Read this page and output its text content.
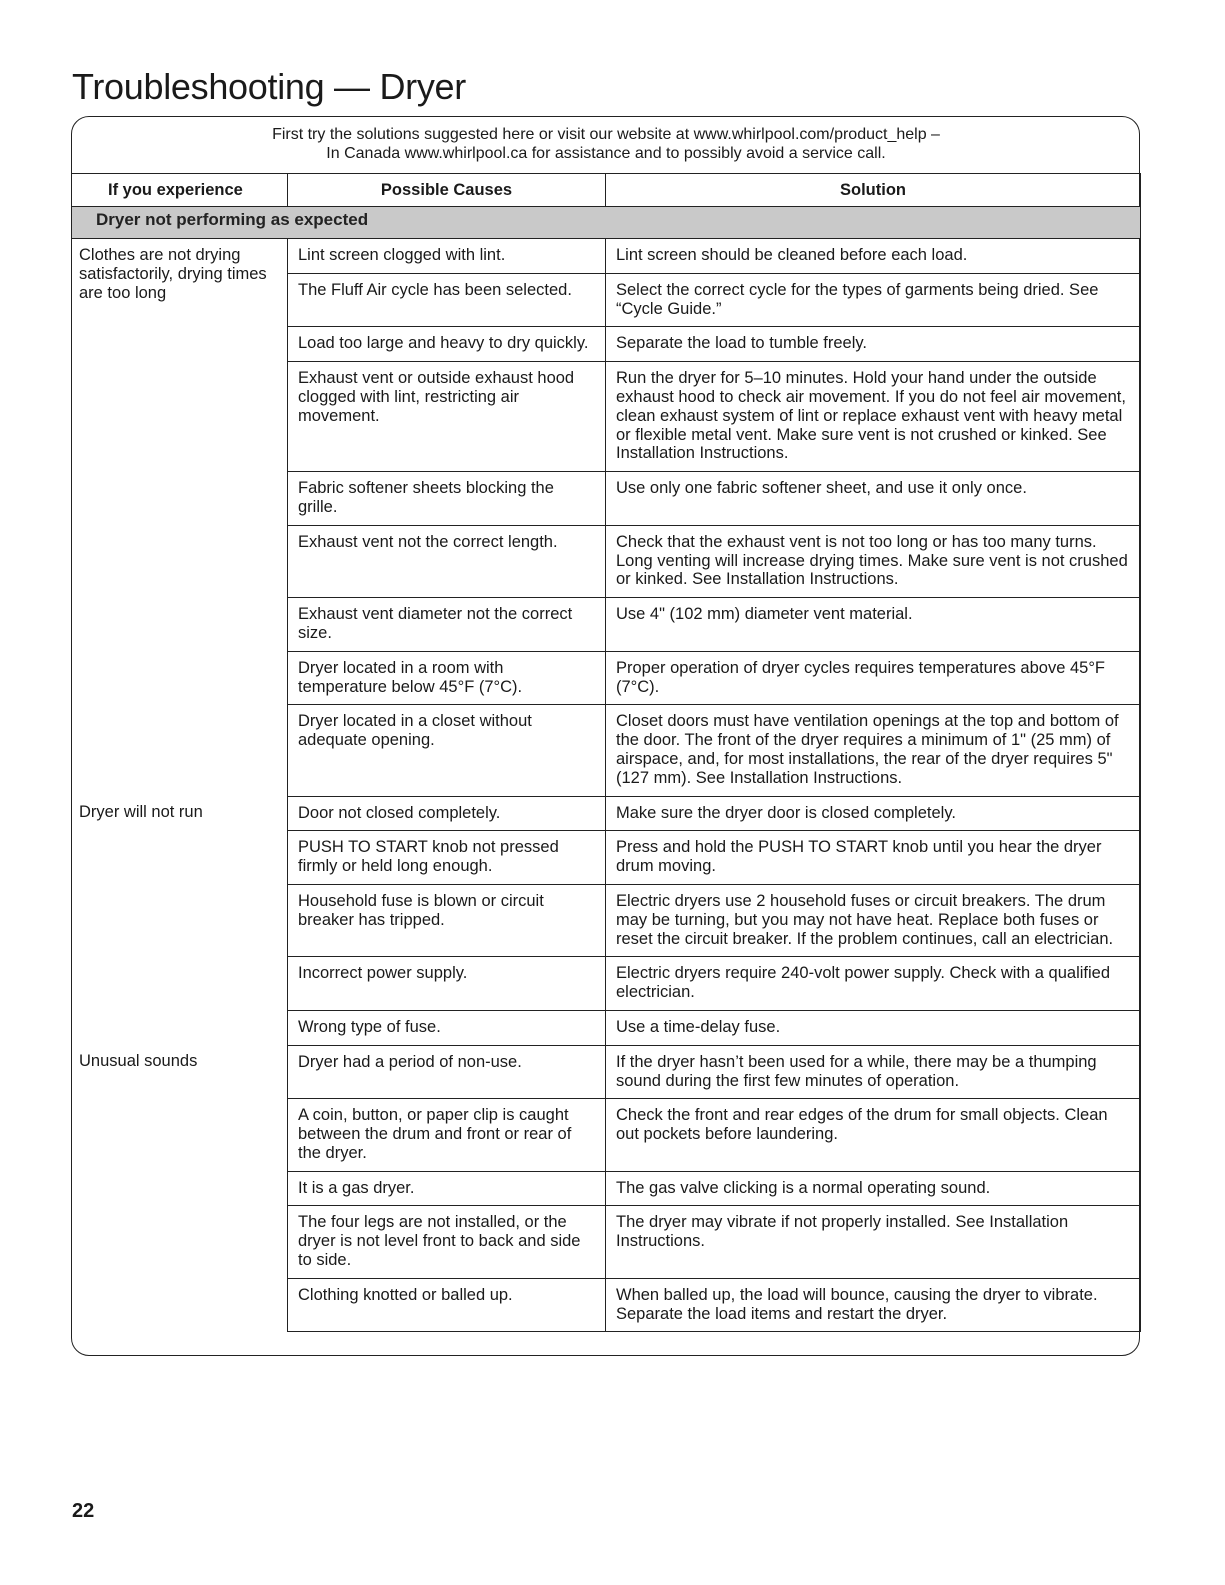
Troubleshooting — Dryer
First try the solutions suggested here or visit our website at www.whirlpool.com/product_help –
In Canada www.whirlpool.ca for assistance and to possibly avoid a service call.
If you experience	Possible Causes	Solution
Dryer not performing as expected		
Clothes are not drying satisfactorily, drying times are too long	Lint screen clogged with lint.	Lint screen should be cleaned before each load.
	The Fluff Air cycle has been selected.	Select the correct cycle for the types of garments being dried. See “Cycle Guide.”
	Load too large and heavy to dry quickly.	Separate the load to tumble freely.
	Exhaust vent or outside exhaust hood clogged with lint, restricting air movement.	Run the dryer for 5–10 minutes. Hold your hand under the outside exhaust hood to check air movement. If you do not feel air movement, clean exhaust system of lint or replace exhaust vent with heavy metal or flexible metal vent. Make sure vent is not crushed or kinked. See Installation Instructions.
	Fabric softener sheets blocking the grille.	Use only one fabric softener sheet, and use it only once.
	Exhaust vent not the correct length.	Check that the exhaust vent is not too long or has too many turns. Long venting will increase drying times. Make sure vent is not crushed or kinked. See Installation Instructions.
	Exhaust vent diameter not the correct size.	Use 4" (102 mm) diameter vent material.
	Dryer located in a room with temperature below 45°F (7°C).	Proper operation of dryer cycles requires temperatures above 45°F (7°C).
	Dryer located in a closet without adequate opening.	Closet doors must have ventilation openings at the top and bottom of the door. The front of the dryer requires a minimum of 1" (25 mm) of airspace, and, for most installations, the rear of the dryer requires 5" (127 mm). See Installation Instructions.
Dryer will not run	Door not closed completely.	Make sure the dryer door is closed completely.
	PUSH TO START knob not pressed firmly or held long enough.	Press and hold the PUSH TO START knob until you hear the dryer drum moving.
	Household fuse is blown or circuit breaker has tripped.	Electric dryers use 2 household fuses or circuit breakers. The drum may be turning, but you may not have heat. Replace both fuses or reset the circuit breaker. If the problem continues, call an electrician.
	Incorrect power supply.	Electric dryers require 240-volt power supply. Check with a qualified electrician.
	Wrong type of fuse.	Use a time-delay fuse.
Unusual sounds	Dryer had a period of non-use.	If the dryer hasn’t been used for a while, there may be a thumping sound during the first few minutes of operation.
	A coin, button, or paper clip is caught between the drum and front or rear of the dryer.	Check the front and rear edges of the drum for small objects. Clean out pockets before laundering.
	It is a gas dryer.	The gas valve clicking is a normal operating sound.
	The four legs are not installed, or the dryer is not level front to back and side to side.	The dryer may vibrate if not properly installed. See Installation Instructions.
	Clothing knotted or balled up.	When balled up, the load will bounce, causing the dryer to vibrate. Separate the load items and restart the dryer.
22
